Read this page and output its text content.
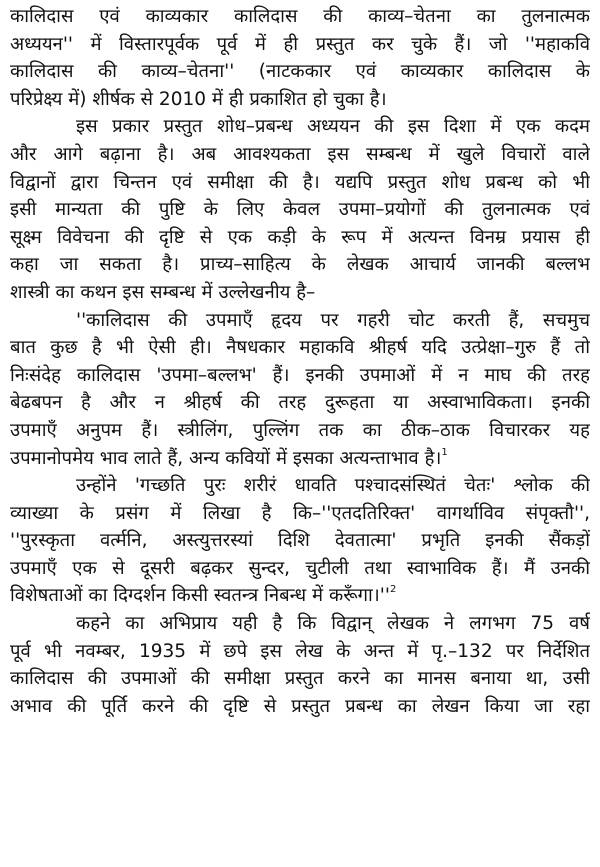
कालिदास एवं काव्यकार कालिदास की काव्य–चेतना का तुलनात्मक
अध्ययन'' में विस्तारपूर्वक पूर्व में ही प्रस्तुत कर चुके हैं। जो ''महाकवि
कालिदास की काव्य–चेतना'' (नाटककार एवं काव्यकार कालिदास के
परिप्रेक्ष्य में) शीर्षक से 2010 में ही प्रकाशित हो चुका है।
इस प्रकार प्रस्तुत शोध–प्रबन्ध अध्ययन की इस दिशा में एक कदम
और आगे बढ़ाना है। अब आवश्यकता इस सम्बन्ध में खुले विचारों वाले
विद्वानों द्वारा चिन्तन एवं समीक्षा की है। यद्यपि प्रस्तुत शोध प्रबन्ध को भी
इसी मान्यता की पुष्टि के लिए केवल उपमा–प्रयोगों की तुलनात्मक एवं
सूक्ष्म विवेचना की दृष्टि से एक कड़ी के रूप में अत्यन्त विनम्र प्रयास ही
कहा जा सकता है। प्राच्य–साहित्य के लेखक आचार्य जानकी बल्लभ
शास्त्री का कथन इस सम्बन्ध में उल्लेखनीय है–
''कालिदास की उपमाएँ हृदय पर गहरी चोट करती हैं, सचमुच
बात कुछ है भी ऐसी ही। नैषधकार महाकवि श्रीहर्ष यदि उत्प्रेक्षा–गुरु हैं तो
निःसंदेह कालिदास 'उपमा–बल्लभ' हैं। इनकी उपमाओं में न माघ की तरह
बेढबपन है और न श्रीहर्ष की तरह दुरूहता या अस्वाभाविकता। इनकी
उपमाएँ अनुपम हैं। स्त्रीलिंग, पुल्लिंग तक का ठीक–ठाक विचारकर यह
उपमानोपमेय भाव लाते हैं, अन्य कवियों में इसका अत्यन्ताभाव है।$^1$
उन्होंने 'गच्छति पुरः शरीरं धावति पश्चादसंस्थितं चेतः' श्लोक की
व्याख्या के प्रसंग में लिखा है कि–''एतदतिरिक्त' वागर्थाविव संपृक्तौ'',
''पुरस्कृता वर्त्मनि, अस्त्युत्तरस्यां दिशि देवतात्मा' प्रभृति इनकी सैंकड़ों
उपमाएँ एक से दूसरी बढ़कर सुन्दर, चुटीली तथा स्वाभाविक हैं। मैं उनकी
विशेषताओं का दिग्दर्शन किसी स्वतन्त्र निबन्ध में $करूँगा।''^2$
कहने का अभिप्राय यही है कि विद्वान् लेखक ने लगभग 75 वर्ष
पूर्व भी नवम्बर, 1935 में छपे इस लेख के अन्त में पृ.–132 पर निर्देशित
कालिदास की उपमाओं की समीक्षा प्रस्तुत करने का मानस बनाया था, उसी
अभाव की पूर्ति करने की दृष्टि से प्रस्तुत प्रबन्ध का लेखन किया जा रहा
